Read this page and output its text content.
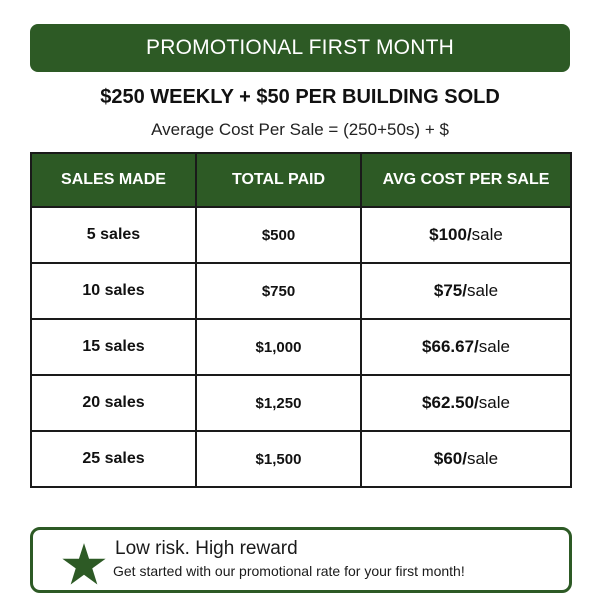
PROMOTIONAL FIRST MONTH
$250 WEEKLY + $50 PER BUILDING SOLD
Average Cost Per Sale = (250+50s) + $
SALES MADE	TOTAL PAID	AVG COST PER SALE
5 sales	$500	$100/sale
10 sales	$750	$75/sale
15 sales	$1,000	$66.67/sale
20 sales	$1,250	$62.50/sale
25 sales	$1,500	$60/sale
Low risk. High reward
Get started with our promotional rate for your first month!
